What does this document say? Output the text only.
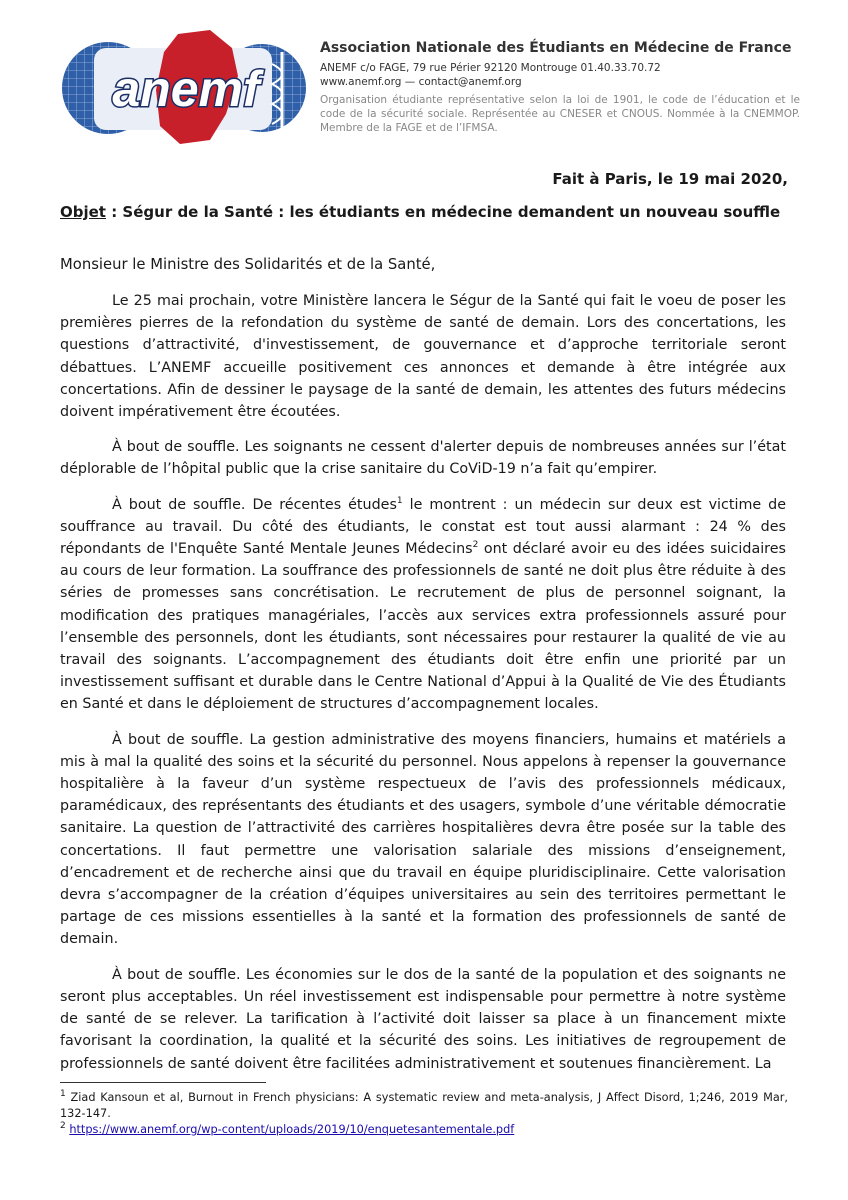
anemf

Association Nationale des Étudiants en Médecine de France

ANEMF c/o FAGE, 79 rue Périer 92120 Montrouge 01.40.33.70.72

www.anemf.org — contact@anemf.org

Organisation étudiante représentative selon la loi de 1901, le code de l’éducation et le code de la sécurité sociale. Représentée au CNESER et CNOUS. Nommée à la CNEMMOP. Membre de la FAGE et de l’IFMSA.

Fait à Paris, le 19 mai 2020,
Objet : Ségur de la Santé : les étudiants en médecine demandent un nouveau souffle
Monsieur le Ministre des Solidarités et de la Santé,

Le 25 mai prochain, votre Ministère lancera le Ségur de la Santé qui fait le voeu de poser les premières pierres de la refondation du système de santé de demain. Lors des concertations, les questions d’attractivité, d'investissement, de gouvernance et d’approche territoriale seront débattues. L’ANEMF accueille positivement ces annonces et demande à être intégrée aux concertations. Afin de dessiner le paysage de la santé de demain, les attentes des futurs médecins doivent impérativement être écoutées.

À bout de souffle. Les soignants ne cessent d'alerter depuis de nombreuses années sur l’état déplorable de l’hôpital public que la crise sanitaire du CoViD-19 n’a fait qu’empirer.

À bout de souffle. De récentes études$^1$ le montrent : un médecin sur deux est victime de souffrance au travail. Du côté des étudiants, le constat est tout aussi alarmant : 24 % des répondants de l'Enquête Santé Mentale Jeunes Médecins$^2$ ont déclaré avoir eu des idées suicidaires au cours de leur formation. La souffrance des professionnels de santé ne doit plus être réduite à des séries de promesses sans concrétisation. Le recrutement de plus de personnel soignant, la modification des pratiques managériales, l’accès aux services extra professionnels assuré pour l’ensemble des personnels, dont les étudiants, sont nécessaires pour restaurer la qualité de vie au travail des soignants. L’accompagnement des étudiants doit être enfin une priorité par un investissement suffisant et durable dans le Centre National d’Appui à la Qualité de Vie des Étudiants en Santé et dans le déploiement de structures d’accompagnement locales.

À bout de souffle. La gestion administrative des moyens financiers, humains et matériels a mis à mal la qualité des soins et la sécurité du personnel. Nous appelons à repenser la gouvernance hospitalière à la faveur d’un système respectueux de l’avis des professionnels médicaux, paramédicaux, des représentants des étudiants et des usagers, symbole d’une véritable démocratie sanitaire. La question de l’attractivité des carrières hospitalières devra être posée sur la table des concertations. Il faut permettre une valorisation salariale des missions d’enseignement, d’encadrement et de recherche ainsi que du travail en équipe pluridisciplinaire. Cette valorisation devra s’accompagner de la création d’équipes universitaires au sein des territoires permettant le partage de ces missions essentielles à la santé et la formation des professionnels de santé de demain.

À bout de souffle. Les économies sur le dos de la santé de la population et des soignants ne seront plus acceptables. Un réel investissement est indispensable pour permettre à notre système de santé de se relever. La tarification à l’activité doit laisser sa place à un financement mixte favorisant la coordination, la qualité et la sécurité des soins. Les initiatives de regroupement de professionnels de santé doivent être facilitées administrativement et soutenues financièrement. La

$^1$ Ziad Kansoun et al, Burnout in French physicians: A systematic review and meta-analysis, J Affect Disord, 1;246, 2019 Mar, 132-147.

$^2$ https://www.anemf.org/wp-content/uploads/2019/10/enquetesantementale.pdf
